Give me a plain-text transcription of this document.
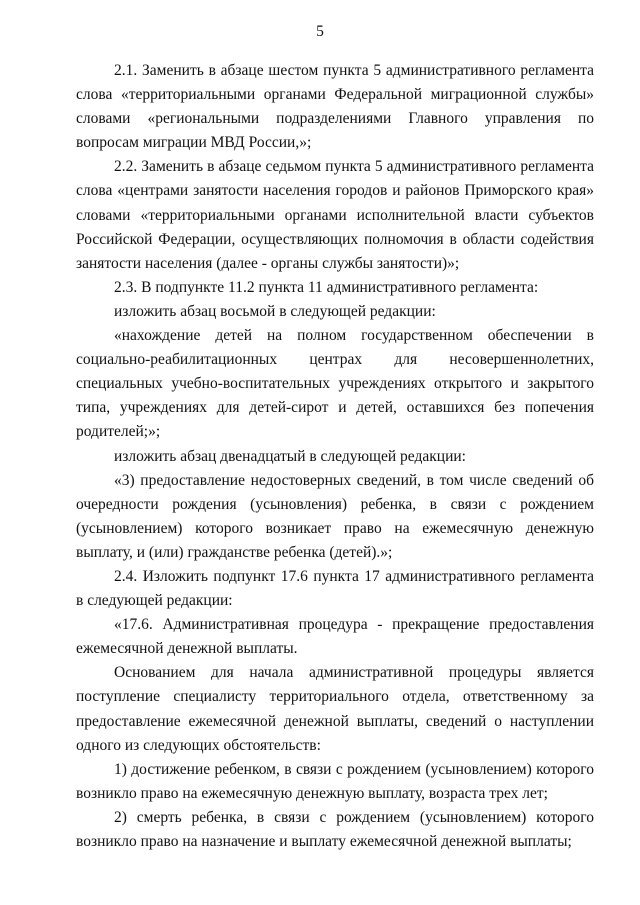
5

2.1. Заменить в абзаце шестом пункта 5 административного регламента слова «территориальными органами Федеральной миграционной службы» словами «региональными подразделениями Главного управления по вопросам миграции МВД России,»;

2.2. Заменить в абзаце седьмом пункта 5 административного регламента слова «центрами занятости населения городов и районов Приморского края» словами «территориальными органами исполнительной власти субъектов Российской Федерации, осуществляющих полномочия в области содействия занятости населения (далее - органы службы занятости)»;

2.3. В подпункте 11.2 пункта 11 административного регламента:

изложить абзац восьмой в следующей редакции:

«нахождение детей на полном государственном обеспечении в социально-реабилитационных центрах для несовершеннолетних, специальных учебно-воспитательных учреждениях открытого и закрытого типа, учреждениях для детей-сирот и детей, оставшихся без попечения родителей;»;

изложить абзац двенадцатый в следующей редакции:

«3) предоставление недостоверных сведений, в том числе сведений об очередности рождения (усыновления) ребенка, в связи с рождением (усыновлением) которого возникает право на ежемесячную денежную выплату, и (или) гражданстве ребенка (детей).»;

2.4. Изложить подпункт 17.6 пункта 17 административного регламента в следующей редакции:

«17.6. Административная процедура - прекращение предоставления ежемесячной денежной выплаты.

Основанием для начала административной процедуры является поступление специалисту территориального отдела, ответственному за предоставление ежемесячной денежной выплаты, сведений о наступлении одного из следующих обстоятельств:

1) достижение ребенком, в связи с рождением (усыновлением) которого возникло право на ежемесячную денежную выплату, возраста трех лет;

2) смерть ребенка, в связи с рождением (усыновлением) которого возникло право на назначение и выплату ежемесячной денежной выплаты;
